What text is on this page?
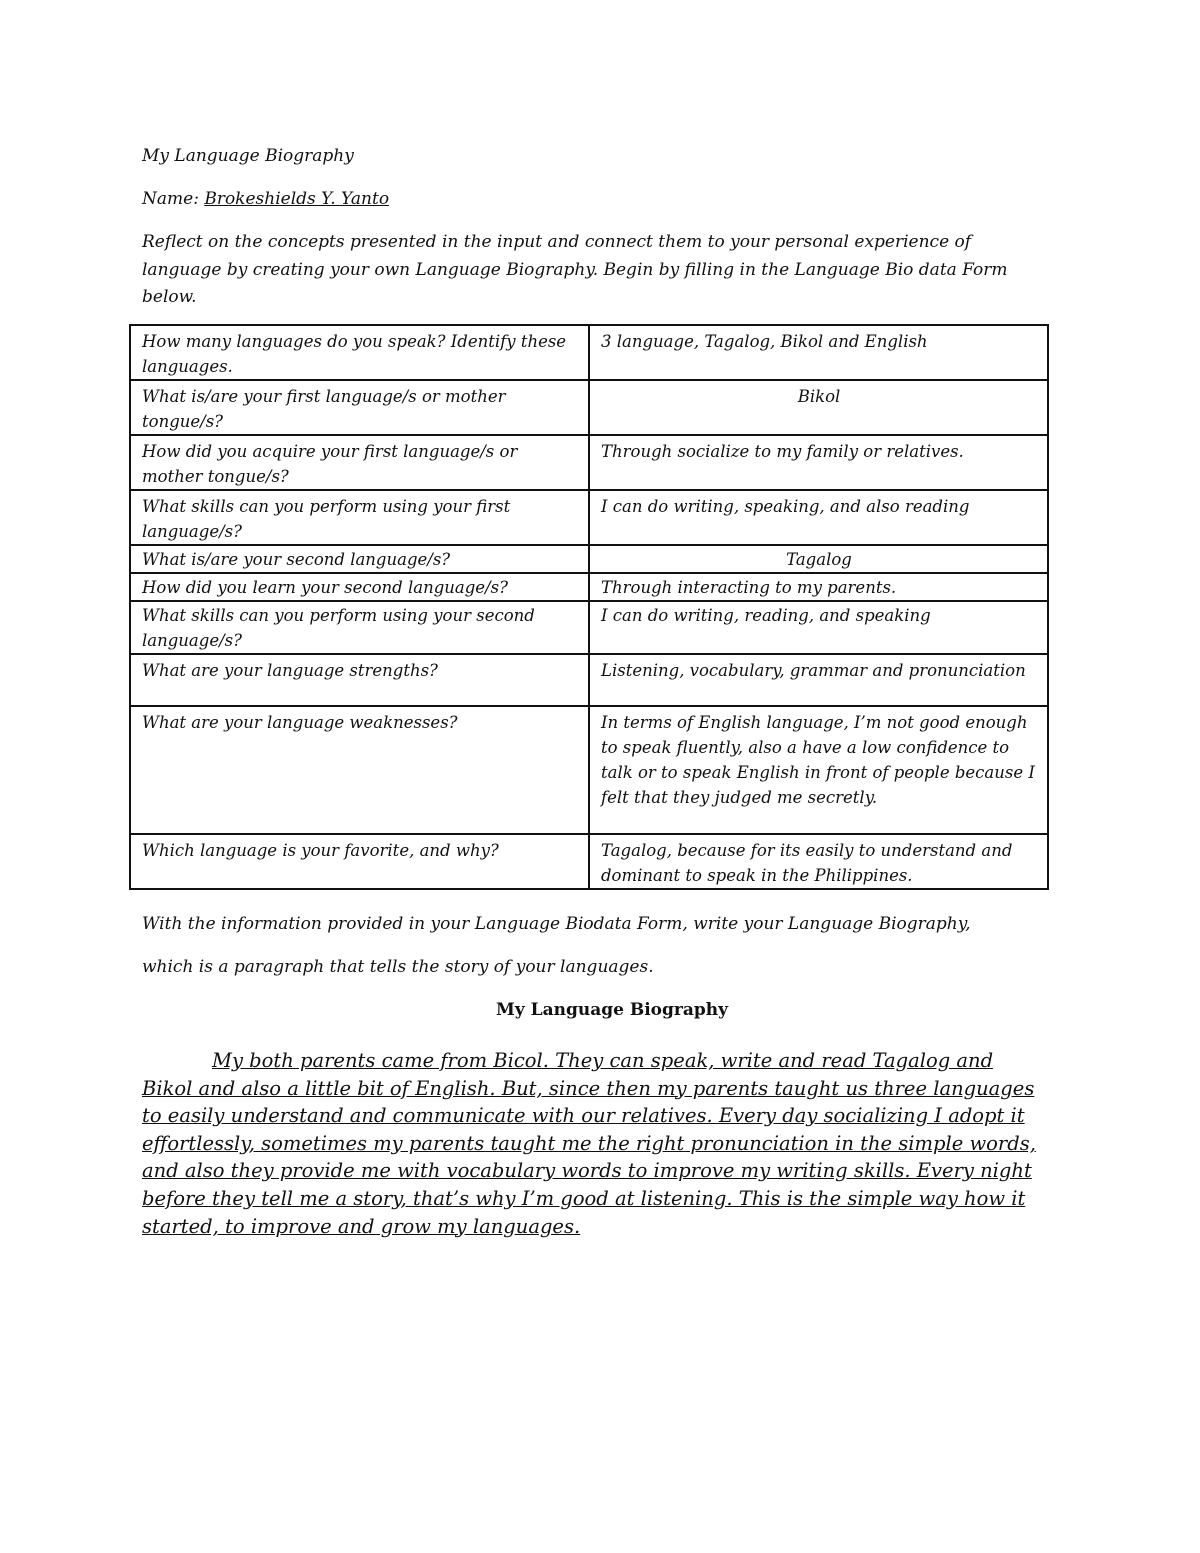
My Language Biography
Name: Brokeshields Y. Yanto
Reflect on the concepts presented in the input and connect them to your personal experience of language by creating your own Language Biography. Begin by filling in the Language Bio data Form below.
How many languages do you speak? Identify these languages.	3 language, Tagalog, Bikol and English
What is/are your first language/s or mother tongue/s?	Bikol
How did you acquire your first language/s or mother tongue/s?	Through socialize to my family or relatives.
What skills can you perform using your first language/s?	I can do writing, speaking, and also reading
What is/are your second language/s?	Tagalog
How did you learn your second language/s?	Through interacting to my parents.
What skills can you perform using your second language/s?	I can do writing, reading, and speaking
What are your language strengths?	Listening, vocabulary, grammar and pronunciation
What are your language weaknesses?	In terms of English language, I’m not good enough to speak fluently, also a have a low confidence to talk or to speak English in front of people because I felt that they judged me secretly.
Which language is your favorite, and why?	Tagalog, because for its easily to understand and dominant to speak in the Philippines.
With the information provided in your Language Biodata Form, write your Language Biography,
which is a paragraph that tells the story of your languages.
My Language Biography
My both parents came from Bicol. They can speak, write and read Tagalog and Bikol and also a little bit of English. But, since then my parents taught us three languages to easily understand and communicate with our relatives. Every day socializing I adopt it effortlessly, sometimes my parents taught me the right pronunciation in the simple words, and also they provide me with vocabulary words to improve my writing skills. Every night before they tell me a story, that’s why I’m good at listening. This is the simple way how it started, to improve and grow my languages.
